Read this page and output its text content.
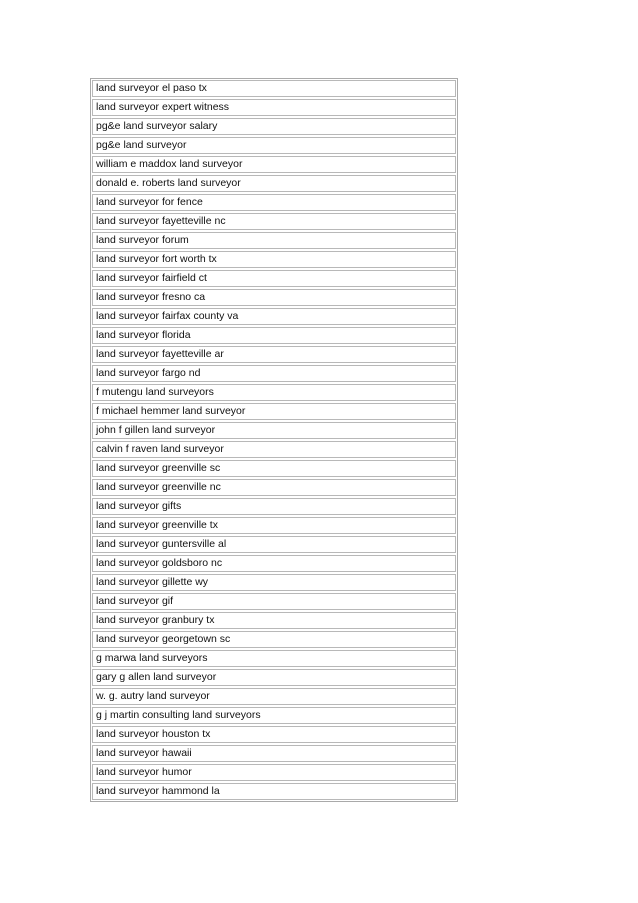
land surveyor el paso tx
land surveyor expert witness
pg&e land surveyor salary
pg&e land surveyor
william e maddox land surveyor
donald e. roberts land surveyor
land surveyor for fence
land surveyor fayetteville nc
land surveyor forum
land surveyor fort worth tx
land surveyor fairfield ct
land surveyor fresno ca
land surveyor fairfax county va
land surveyor florida
land surveyor fayetteville ar
land surveyor fargo nd
f mutengu land surveyors
f michael hemmer land surveyor
john f gillen land surveyor
calvin f raven land surveyor
land surveyor greenville sc
land surveyor greenville nc
land surveyor gifts
land surveyor greenville tx
land surveyor guntersville al
land surveyor goldsboro nc
land surveyor gillette wy
land surveyor gif
land surveyor granbury tx
land surveyor georgetown sc
g marwa land surveyors
gary g allen land surveyor
w. g. autry land surveyor
g j martin consulting land surveyors
land surveyor houston tx
land surveyor hawaii
land surveyor humor
land surveyor hammond la
